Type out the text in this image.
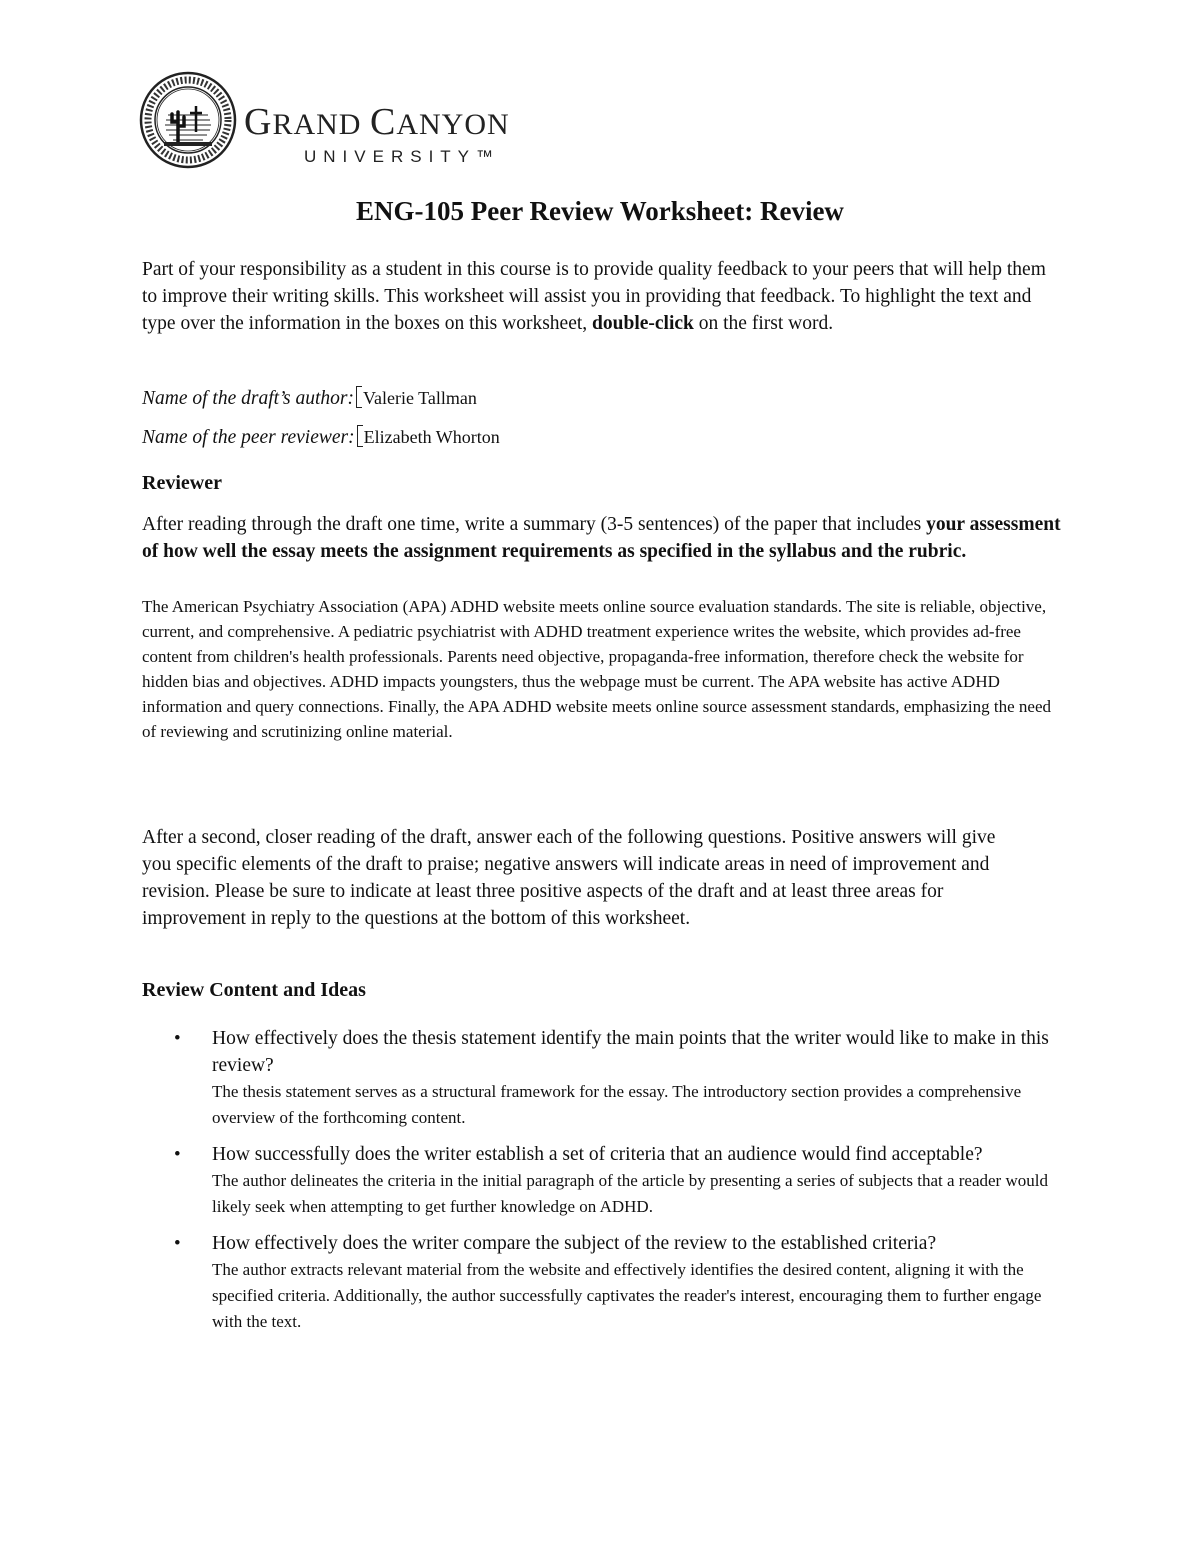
GRAND CANYON
UNIVERSITY™
ENG-105 Peer Review Worksheet: Review

Part of your responsibility as a student in this course is to provide quality feedback to your peers that will help them to improve their writing skills. This worksheet will assist you in providing that feedback. To highlight the text and type over the information in the boxes on this worksheet, double-click on the first word.

Name of the draft’s author: Valerie Tallman
Name of the peer reviewer: Elizabeth Whorton
Reviewer

After reading through the draft one time, write a summary (3-5 sentences) of the paper that includes your assessment of how well the essay meets the assignment requirements as specified in the syllabus and the rubric.

The American Psychiatry Association (APA) ADHD website meets online source evaluation standards. The site is reliable, objective, current, and comprehensive. A pediatric psychiatrist with ADHD treatment experience writes the website, which provides ad-free content from children's health professionals. Parents need objective, propaganda-free information, therefore check the website for hidden bias and objectives. ADHD impacts youngsters, thus the webpage must be current. The APA website has active ADHD information and query connections. Finally, the APA ADHD website meets online source assessment standards, emphasizing the need of reviewing and scrutinizing online material.

After a second, closer reading of the draft, answer each of the following questions. Positive answers will give you specific elements of the draft to praise; negative answers will indicate areas in need of improvement and revision. Please be sure to indicate at least three positive aspects of the draft and at least three areas for improvement in reply to the questions at the bottom of this worksheet.

Review Content and Ideas
• How effectively does the thesis statement identify the main points that the writer would like to make in this review?
The thesis statement serves as a structural framework for the essay. The introductory section provides a comprehensive overview of the forthcoming content.
• How successfully does the writer establish a set of criteria that an audience would find acceptable?
The author delineates the criteria in the initial paragraph of the article by presenting a series of subjects that a reader would likely seek when attempting to get further knowledge on ADHD.
• How effectively does the writer compare the subject of the review to the established criteria?
The author extracts relevant material from the website and effectively identifies the desired content, aligning it with the specified criteria. Additionally, the author successfully captivates the reader's interest, encouraging them to further engage with the text.
